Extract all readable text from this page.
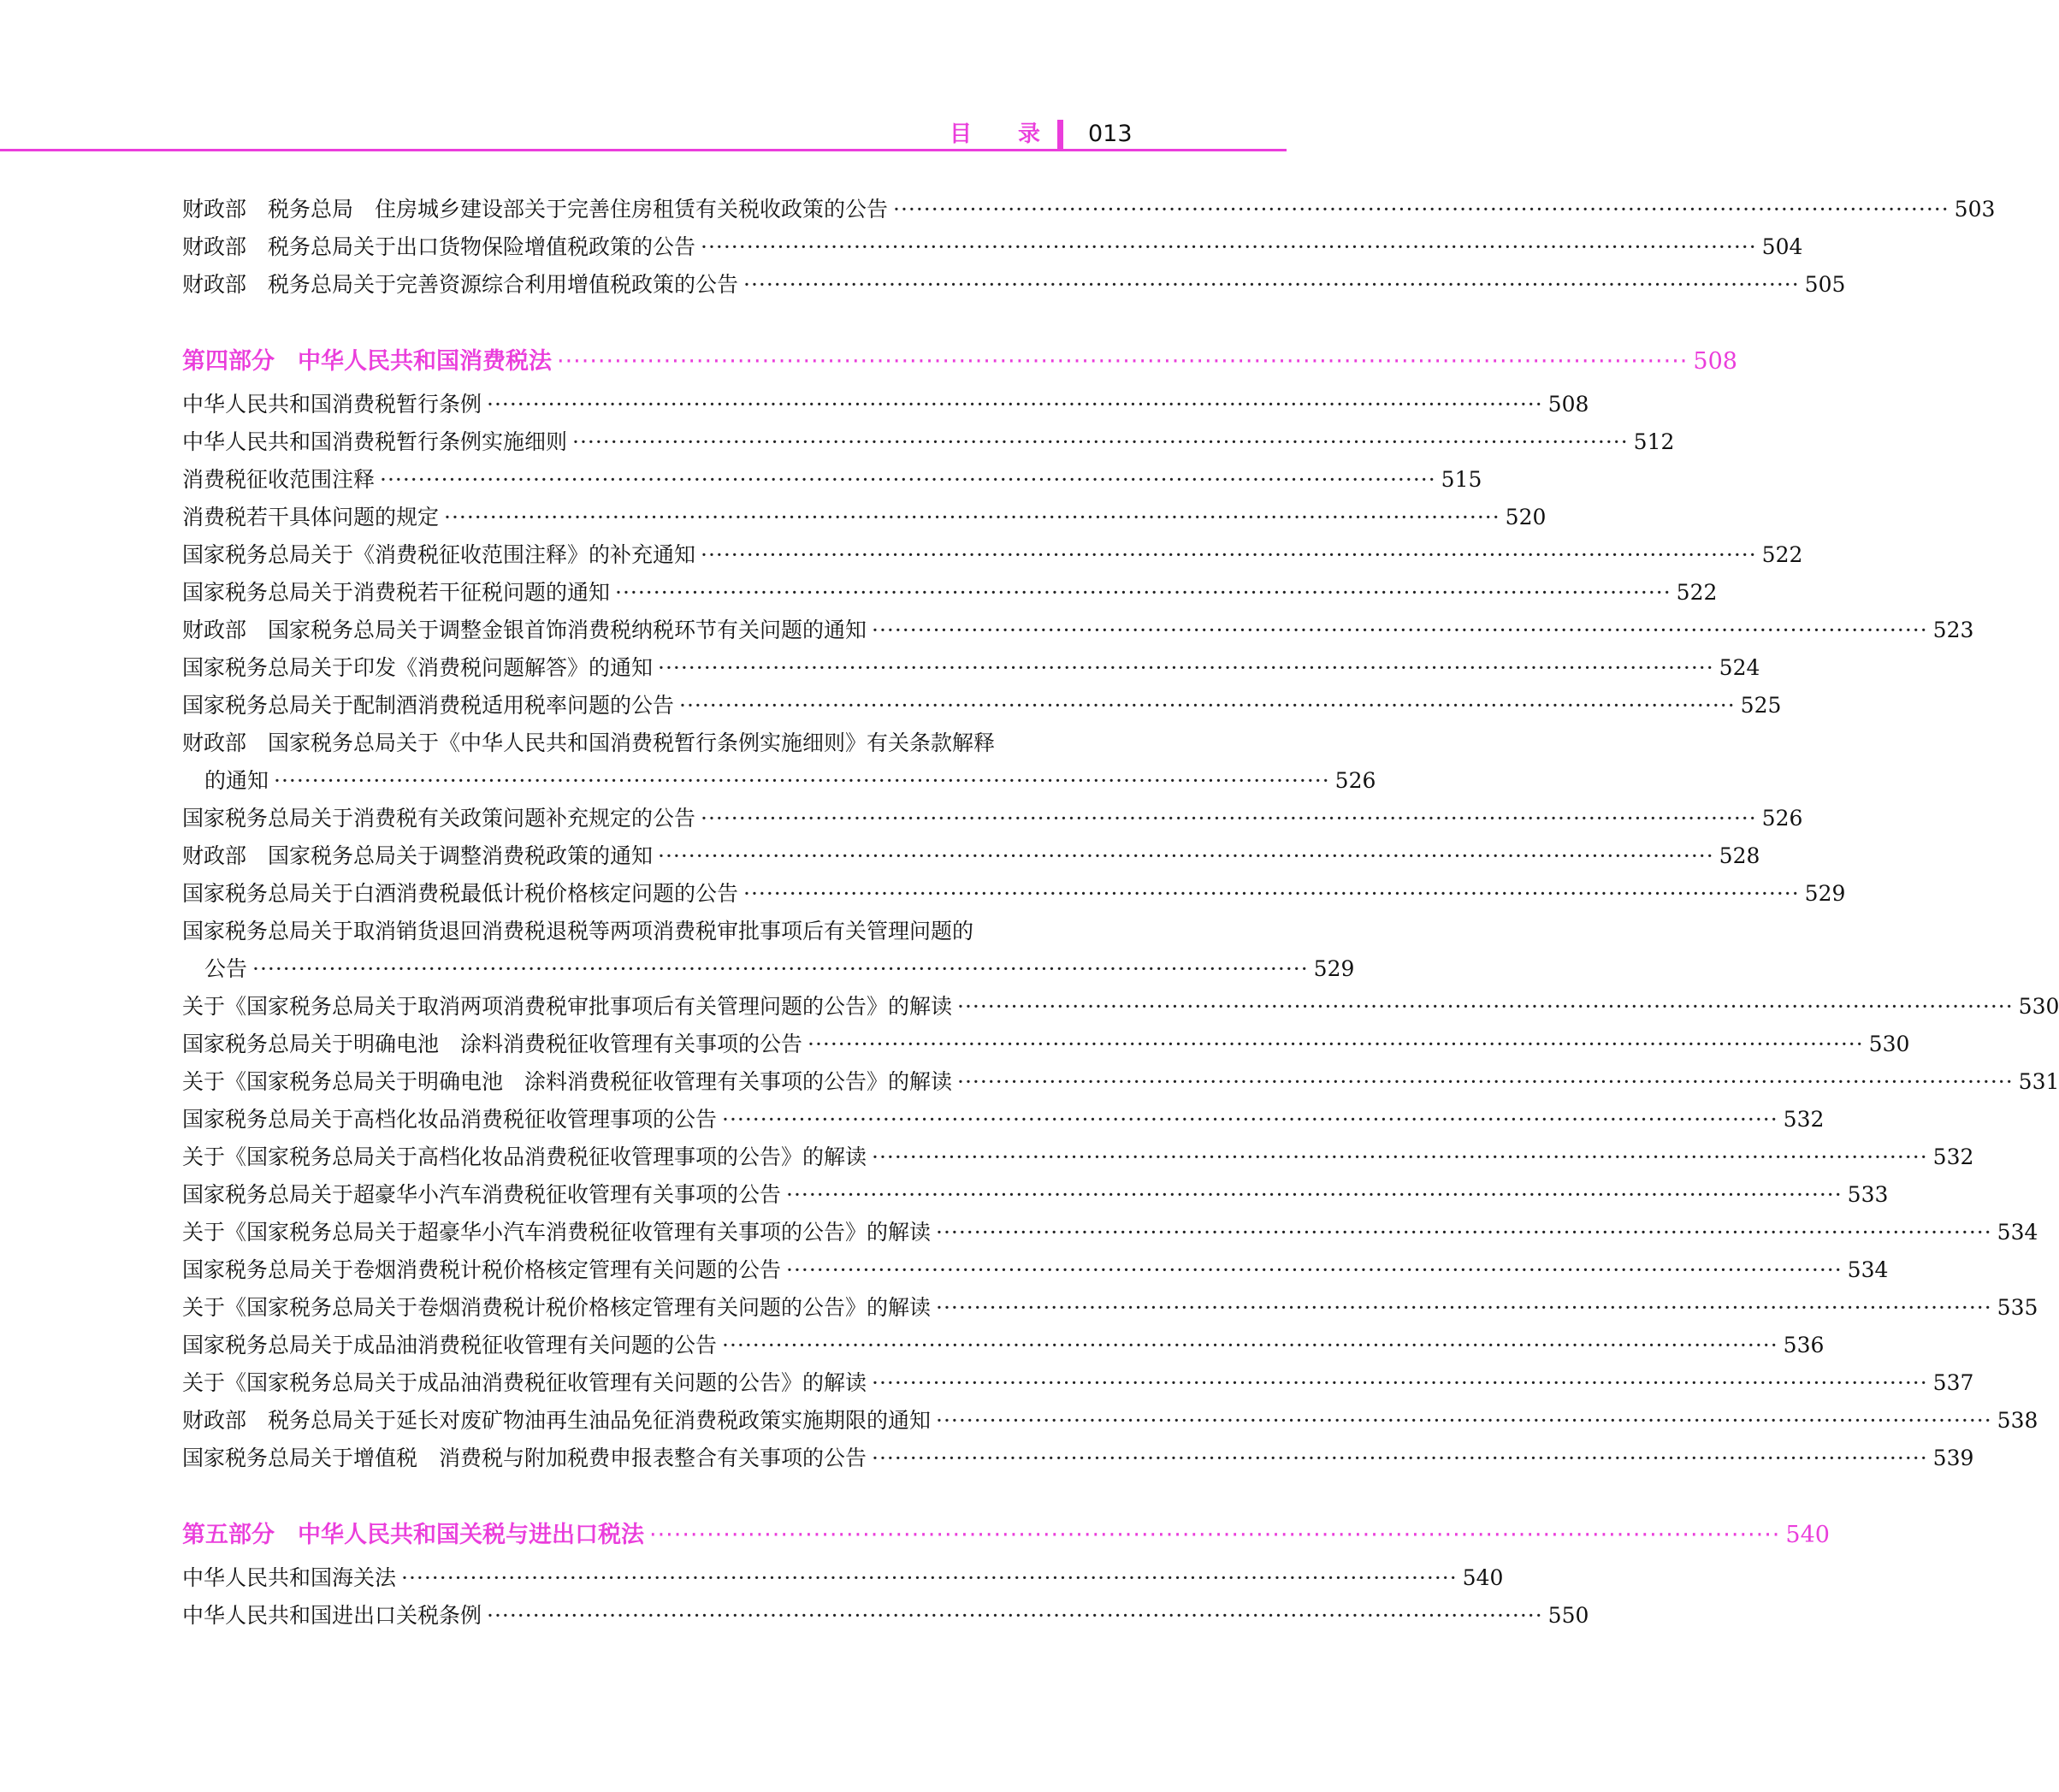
目 录 013
财政部　税务总局　住房城乡建设部关于完善住房租赁有关税收政策的公告 ·········································································································································· 503
财政部　税务总局关于出口货物保险增值税政策的公告 ·········································································································································· 504
财政部　税务总局关于完善资源综合利用增值税政策的公告 ·········································································································································· 505
第四部分　中华人民共和国消费税法 ·········································································································································· 508
中华人民共和国消费税暂行条例 ·········································································································································· 508
中华人民共和国消费税暂行条例实施细则 ·········································································································································· 512
消费税征收范围注释 ·········································································································································· 515
消费税若干具体问题的规定 ·········································································································································· 520
国家税务总局关于《消费税征收范围注释》的补充通知 ·········································································································································· 522
国家税务总局关于消费税若干征税问题的通知 ·········································································································································· 522
财政部　国家税务总局关于调整金银首饰消费税纳税环节有关问题的通知 ·········································································································································· 523
国家税务总局关于印发《消费税问题解答》的通知 ·········································································································································· 524
国家税务总局关于配制酒消费税适用税率问题的公告 ·········································································································································· 525
财政部　国家税务总局关于《中华人民共和国消费税暂行条例实施细则》有关条款解释
的通知 ·········································································································································· 526
国家税务总局关于消费税有关政策问题补充规定的公告 ·········································································································································· 526
财政部　国家税务总局关于调整消费税政策的通知 ·········································································································································· 528
国家税务总局关于白酒消费税最低计税价格核定问题的公告 ·········································································································································· 529
国家税务总局关于取消销货退回消费税退税等两项消费税审批事项后有关管理问题的
公告 ·········································································································································· 529
关于《国家税务总局关于取消两项消费税审批事项后有关管理问题的公告》的解读 ·········································································································································· 530
国家税务总局关于明确电池　涂料消费税征收管理有关事项的公告 ·········································································································································· 530
关于《国家税务总局关于明确电池　涂料消费税征收管理有关事项的公告》的解读 ·········································································································································· 531
国家税务总局关于高档化妆品消费税征收管理事项的公告 ·········································································································································· 532
关于《国家税务总局关于高档化妆品消费税征收管理事项的公告》的解读 ·········································································································································· 532
国家税务总局关于超豪华小汽车消费税征收管理有关事项的公告 ·········································································································································· 533
关于《国家税务总局关于超豪华小汽车消费税征收管理有关事项的公告》的解读 ·········································································································································· 534
国家税务总局关于卷烟消费税计税价格核定管理有关问题的公告 ·········································································································································· 534
关于《国家税务总局关于卷烟消费税计税价格核定管理有关问题的公告》的解读 ·········································································································································· 535
国家税务总局关于成品油消费税征收管理有关问题的公告 ·········································································································································· 536
关于《国家税务总局关于成品油消费税征收管理有关问题的公告》的解读 ·········································································································································· 537
财政部　税务总局关于延长对废矿物油再生油品免征消费税政策实施期限的通知 ·········································································································································· 538
国家税务总局关于增值税　消费税与附加税费申报表整合有关事项的公告 ·········································································································································· 539
第五部分　中华人民共和国关税与进出口税法 ·········································································································································· 540
中华人民共和国海关法 ·········································································································································· 540
中华人民共和国进出口关税条例 ·········································································································································· 550
